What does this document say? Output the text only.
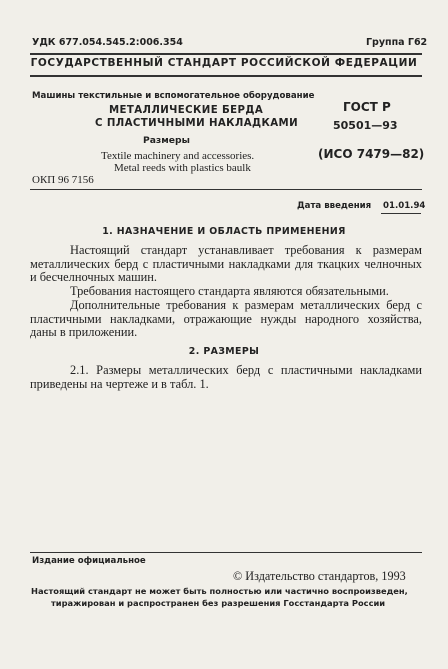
УДК 677.054.545.2:006.354	Группа Г62
ГОСУДАРСТВЕННЫЙ СТАНДАРТ РОССИЙСКОЙ ФЕДЕРАЦИИ
Машины текстильные и вспомогательное оборудование
МЕТАЛЛИЧЕСКИЕ БЕРДА
С ПЛАСТИЧНЫМИ НАКЛАДКАМИ
Размеры
Textile machinery and accessories.
Metal reeds with plastics baulk
ОКП 96 7156
ГОСТ Р
50501—93
(ИСО 7479—82)
Дата введения 01.01.94
1. НАЗНАЧЕНИЕ И ОБЛАСТЬ ПРИМЕНЕНИЯ

Настоящий стандарт устанавливает требования к размерам металлических берд с пластичными накладками для ткацких челночных и бесчелночных машин.

Требования настоящего стандарта являются обязательными.

Дополнительные требования к размерам металлических берд с пластичными накладками, отражающие нужды народного хозяйства, даны в приложении.

2. РАЗМЕРЫ

2.1. Размеры металлических берд с пластичными накладками приведены на чертеже и в табл. 1.

Издание официальное
© Издательство стандартов, 1993
Настоящий стандарт не может быть полностью или частично воспроизведен,
тиражирован и распространен без разрешения Госстандарта России
